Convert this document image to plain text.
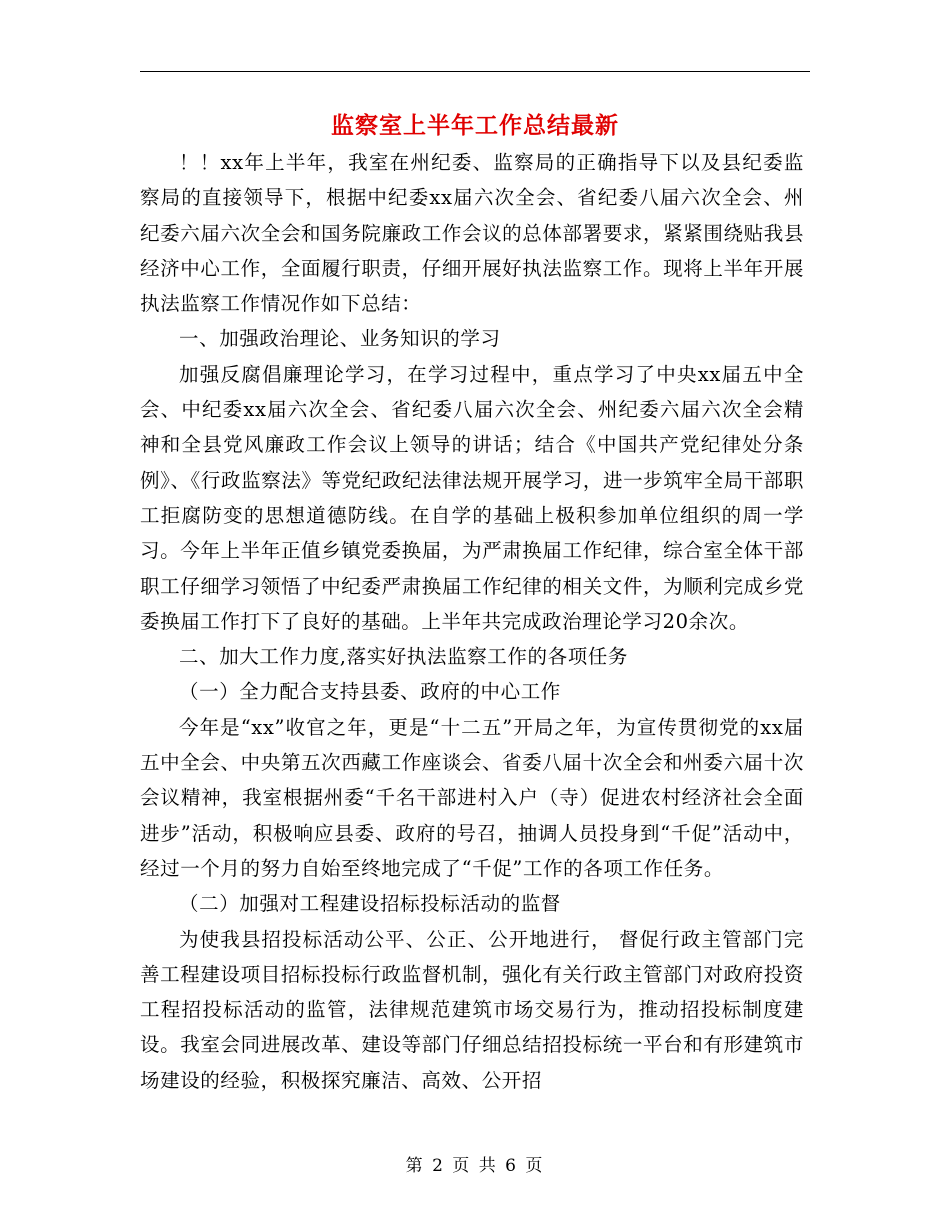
监察室上半年工作总结最新

！！xx年上半年，我室在州纪委、监察局的正确指导下以及县纪委监察局的直接领导下，根据中纪委xx届六次全会、省纪委八届六次全会、州纪委六届六次全会和国务院廉政工作会议的总体部署要求，紧紧围绕贴我县经济中心工作，全面履行职责，仔细开展好执法监察工作。现将上半年开展执法监察工作情况作如下总结：

一、加强政治理论、业务知识的学习

加强反腐倡廉理论学习，在学习过程中，重点学习了中央xx届五中全会、中纪委xx届六次全会、省纪委八届六次全会、州纪委六届六次全会精神和全县党风廉政工作会议上领导的讲话；结合《中国共产党纪律处分条例》、《行政监察法》等党纪政纪法律法规开展学习，进一步筑牢全局干部职工拒腐防变的思想道德防线。在自学的基础上极积参加单位组织的周一学习。今年上半年正值乡镇党委换届，为严肃换届工作纪律，综合室全体干部职工仔细学习领悟了中纪委严肃换届工作纪律的相关文件，为顺利完成乡党委换届工作打下了良好的基础。上半年共完成政治理论学习20余次。

二、加大工作力度,落实好执法监察工作的各项任务

（一）全力配合支持县委、政府的中心工作

今年是“xx”收官之年，更是“十二五”开局之年，为宣传贯彻党的xx届五中全会、中央第五次西藏工作座谈会、省委八届十次全会和州委六届十次会议精神，我室根据州委“千名干部进村入户（寺）促进农村经济社会全面进步”活动，积极响应县委、政府的号召，抽调人员投身到“千促”活动中，经过一个月的努力自始至终地完成了“千促”工作的各项工作任务。

（二）加强对工程建设招标投标活动的监督

为使我县招投标活动公平、公正、公开地进行， 督促行政主管部门完善工程建设项目招标投标行政监督机制，强化有关行政主管部门对政府投资工程招投标活动的监管，法律规范建筑市场交易行为，推动招投标制度建设。我室会同进展改革、建设等部门仔细总结招投标统一平台和有形建筑市场建设的经验，积极探究廉洁、高效、公开招

第 2 页 共 6 页
